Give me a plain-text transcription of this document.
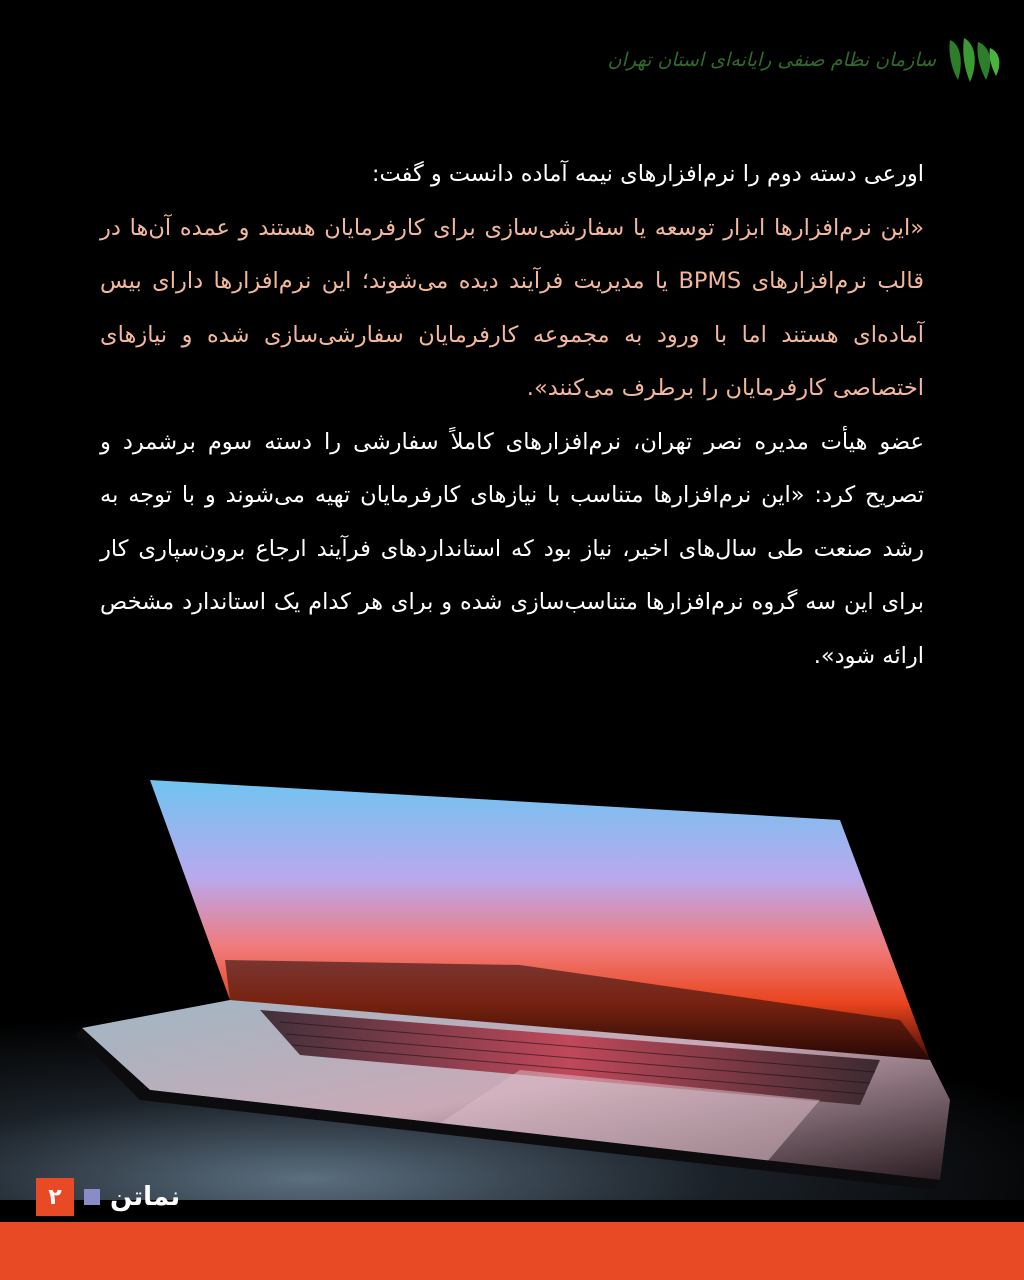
سازمان نظام صنفی رایانه‌ای استان تهران

اورعی دسته دوم را نرم‌افزارهای نیمه آماده دانست و گفت:

«این نرم‌افزارها ابزار توسعه یا سفارشی‌سازی برای کارفرمایان هستند و عمده آن‌ها در قالب نرم‌افزارهای BPMS یا مدیریت فرآیند دیده می‌شوند؛ این نرم‌افزارها دارای بیس آماده‌ای هستند اما با ورود به مجموعه کارفرمایان سفارشی‌سازی شده و نیازهای اختصاصی کارفرمایان را برطرف می‌کنند».

عضو هیأت مدیره نصر تهران، نرم‌افزارهای کاملاً سفارشی را دسته سوم برشمرد و تصریح کرد: «این نرم‌افزارها متناسب با نیازهای کارفرمایان تهیه می‌شوند و با توجه به رشد صنعت طی سال‌های اخیر، نیاز بود که استانداردهای فرآیند ارجاع برون‌سپاری کار برای این سه گروه نرم‌افزارها متناسب‌سازی شده و برای هر کدام یک استاندارد مشخص ارائه شود».

۲	نماتن
